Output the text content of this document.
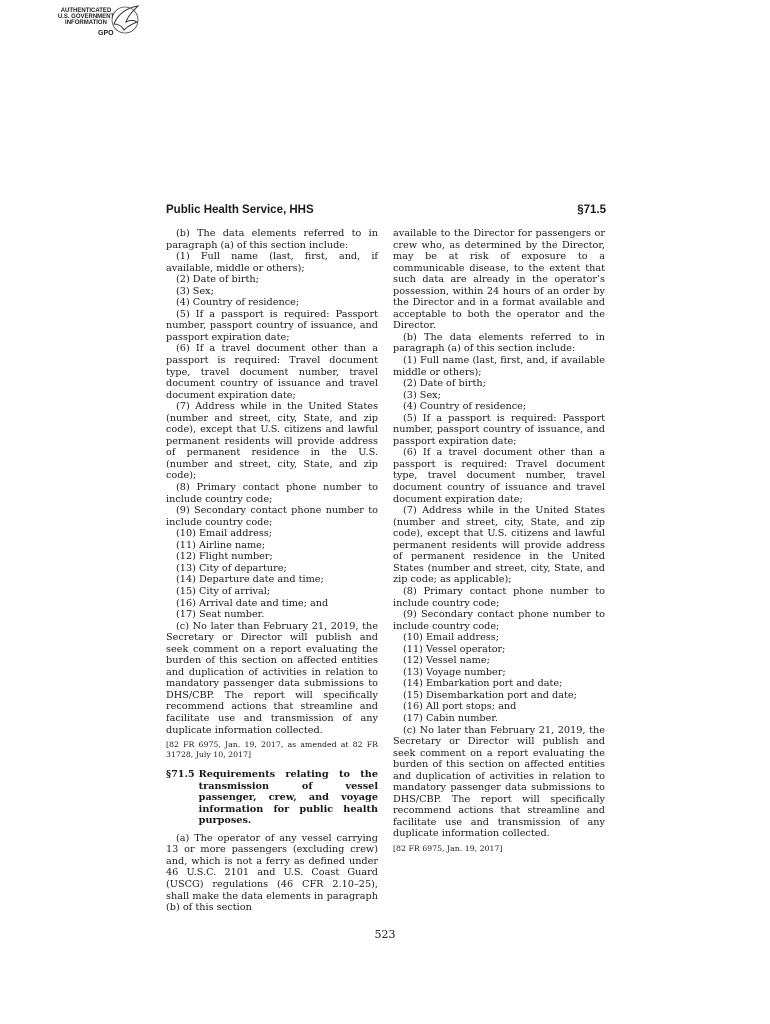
AUTHENTICATED
U.S. GOVERNMENT
INFORMATION
GPO
Public Health Service, HHS	§71.5

(b) The data elements referred to in paragraph (a) of this section include:

(1) Full name (last, first, and, if available, middle or others);

(2) Date of birth;

(3) Sex;

(4) Country of residence;

(5) If a passport is required: Passport number, passport country of issuance, and passport expiration date;

(6) If a travel document other than a passport is required: Travel document type, travel document number, travel document country of issuance and travel document expiration date;

(7) Address while in the United States (number and street, city, State, and zip code), except that U.S. citizens and lawful permanent residents will provide address of permanent residence in the U.S. (number and street, city, State, and zip code);

(8) Primary contact phone number to include country code;

(9) Secondary contact phone number to include country code;

(10) Email address;

(11) Airline name;

(12) Flight number;

(13) City of departure;

(14) Departure date and time;

(15) City of arrival;

(16) Arrival date and time; and

(17) Seat number.

(c) No later than February 21, 2019, the Secretary or Director will publish and seek comment on a report evaluating the burden of this section on affected entities and duplication of activities in relation to mandatory passenger data submissions to DHS/CBP. The report will specifically recommend actions that streamline and facilitate use and transmission of any duplicate information collected.

[82 FR 6975, Jan. 19, 2017, as amended at 82 FR 31728, July 10, 2017]

§71.5 Requirements relating to the transmission of vessel passenger, crew, and voyage information for public health purposes.

(a) The operator of any vessel carrying 13 or more passengers (excluding crew) and, which is not a ferry as defined under 46 U.S.C. 2101 and U.S. Coast Guard (USCG) regulations (46 CFR 2.10–25), shall make the data elements in paragraph (b) of this section

available to the Director for passengers or crew who, as determined by the Director, may be at risk of exposure to a communicable disease, to the extent that such data are already in the operator’s possession, within 24 hours of an order by the Director and in a format available and acceptable to both the operator and the Director.

(b) The data elements referred to in paragraph (a) of this section include:

(1) Full name (last, first, and, if available middle or others);

(2) Date of birth;

(3) Sex;

(4) Country of residence;

(5) If a passport is required: Passport number, passport country of issuance, and passport expiration date;

(6) If a travel document other than a passport is required: Travel document type, travel document number, travel document country of issuance and travel document expiration date;

(7) Address while in the United States (number and street, city, State, and zip code), except that U.S. citizens and lawful permanent residents will provide address of permanent residence in the United States (number and street, city, State, and zip code; as applicable);

(8) Primary contact phone number to include country code;

(9) Secondary contact phone number to include country code;

(10) Email address;

(11) Vessel operator;

(12) Vessel name;

(13) Voyage number;

(14) Embarkation port and date;

(15) Disembarkation port and date;

(16) All port stops; and

(17) Cabin number.

(c) No later than February 21, 2019, the Secretary or Director will publish and seek comment on a report evaluating the burden of this section on affected entities and duplication of activities in relation to mandatory passenger data submissions to DHS/CBP. The report will specifically recommend actions that streamline and facilitate use and transmission of any duplicate information collected.

[82 FR 6975, Jan. 19, 2017]

523
